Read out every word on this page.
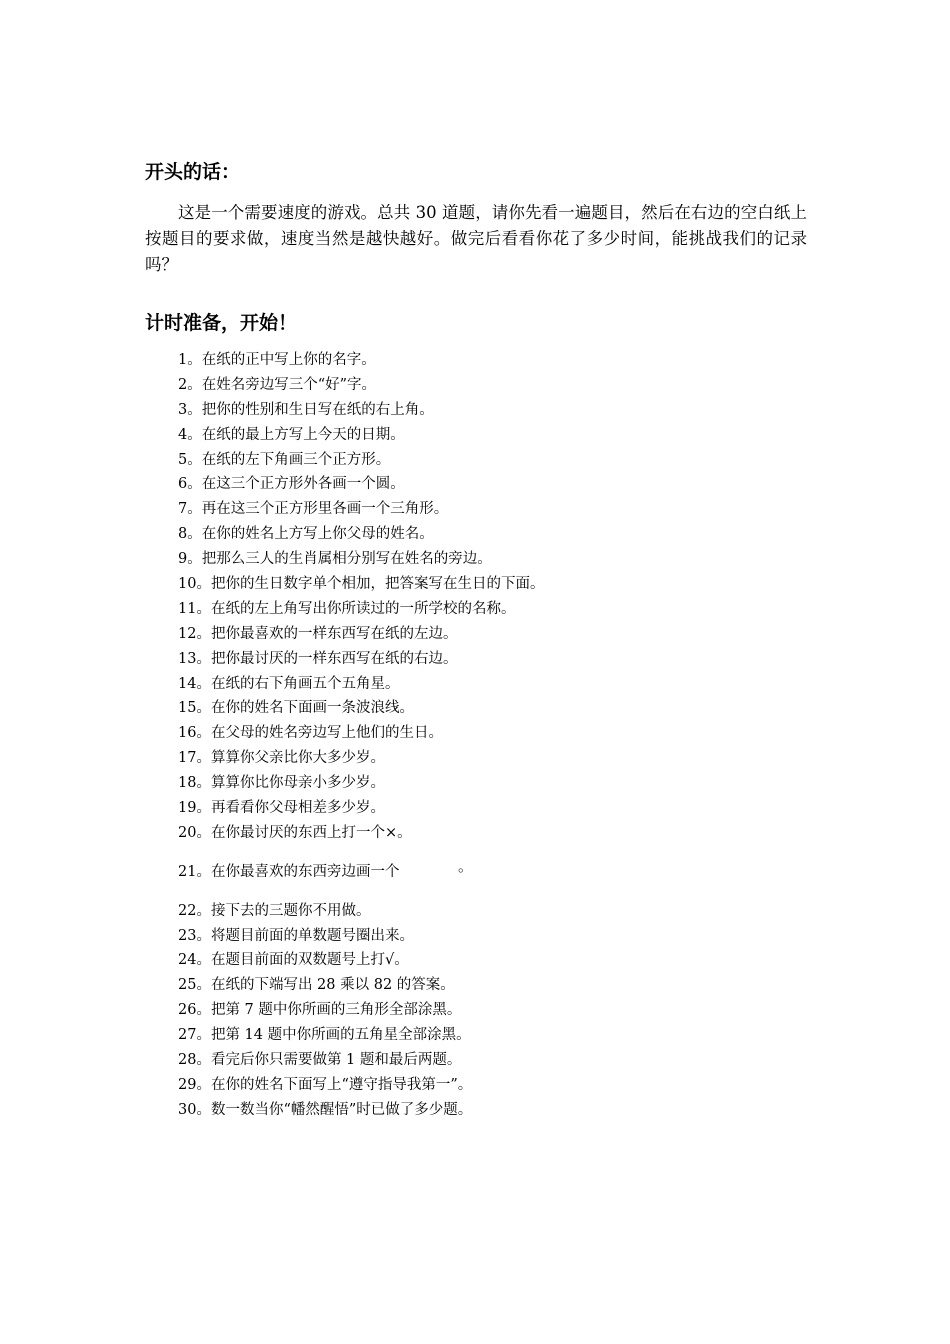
开头的话：

这是一个需要速度的游戏。总共 30 道题，请你先看一遍题目，然后在右边的空白纸上按题目的要求做，速度当然是越快越好。做完后看看你花了多少时间，能挑战我们的记录吗？

计时准备，开始！
1。在纸的正中写上你的名字。
2。在姓名旁边写三个“好”字。
3。把你的性别和生日写在纸的右上角。
4。在纸的最上方写上今天的日期。
5。在纸的左下角画三个正方形。
6。在这三个正方形外各画一个圆。
7。再在这三个正方形里各画一个三角形。
8。在你的姓名上方写上你父母的姓名。
9。把那么三人的生肖属相分别写在姓名的旁边。
10。把你的生日数字单个相加，把答案写在生日的下面。
11。在纸的左上角写出你所读过的一所学校的名称。
12。把你最喜欢的一样东西写在纸的左边。
13。把你最讨厌的一样东西写在纸的右边。
14。在纸的右下角画五个五角星。
15。在你的姓名下面画一条波浪线。
16。在父母的姓名旁边写上他们的生日。
17。算算你父亲比你大多少岁。
18。算算你比你母亲小多少岁。
19。再看看你父母相差多少岁。
20。在你最讨厌的东西上打一个×。
21。在你最喜欢的东西旁边画一个	。
22。接下去的三题你不用做。
23。将题目前面的单数题号圈出来。
24。在题目前面的双数题号上打√。
25。在纸的下端写出 28 乘以 82 的答案。
26。把第 7 题中你所画的三角形全部涂黑。
27。把第 14 题中你所画的五角星全部涂黑。
28。看完后你只需要做第 1 题和最后两题。
29。在你的姓名下面写上“遵守指导我第一”。
30。数一数当你“幡然醒悟”时已做了多少题。
